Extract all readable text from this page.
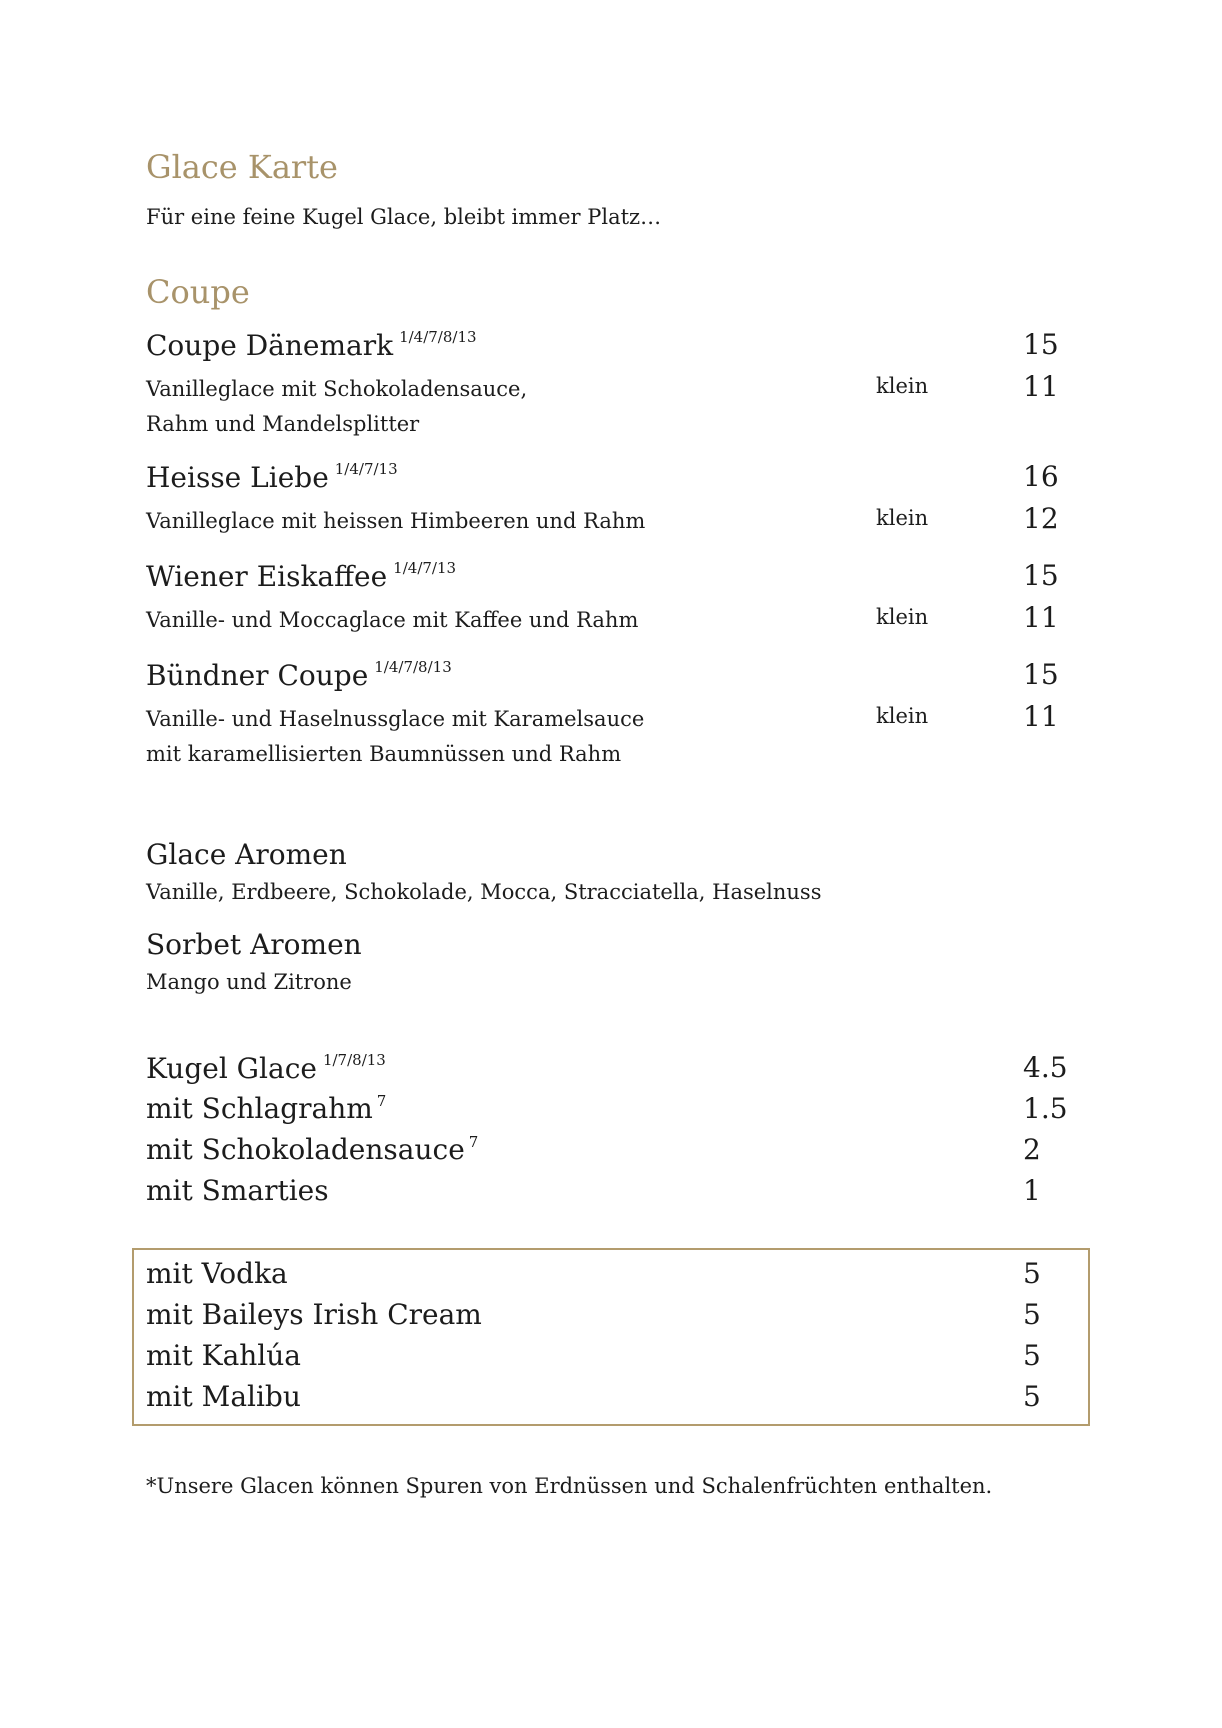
Glace Karte
Für eine feine Kugel Glace, bleibt immer Platz…
Coupe
Coupe Dänemark $^{1/4/7/8/13}$	15
Vanilleglace mit Schokoladensauce,
Rahm und Mandelsplitter
klein	11
Heisse Liebe $^{1/4/7/13}$	16
Vanilleglace mit heissen Himbeeren und Rahm	klein	12
Wiener Eiskaffee $^{1/4/7/13}$	15
Vanille- und Moccaglace mit Kaffee und Rahm	klein	11
Bündner Coupe $^{1/4/7/8/13}$	15
Vanille- und Haselnussglace mit Karamelsauce
mit karamellisierten Baumnüssen und Rahm
klein	11
Glace Aromen
Vanille, Erdbeere, Schokolade, Mocca, Stracciatella, Haselnuss
Sorbet Aromen
Mango und Zitrone
Kugel Glace $^{1/7/8/13}$	4.5
mit Schlagrahm $^7$	1.5
mit Schokoladensauce $^7$	2
mit Smarties	1
mit Vodka	5
mit Baileys Irish Cream	5
mit Kahlúa	5
mit Malibu	5
*Unsere Glacen können Spuren von Erdnüssen und Schalenfrüchten enthalten.
